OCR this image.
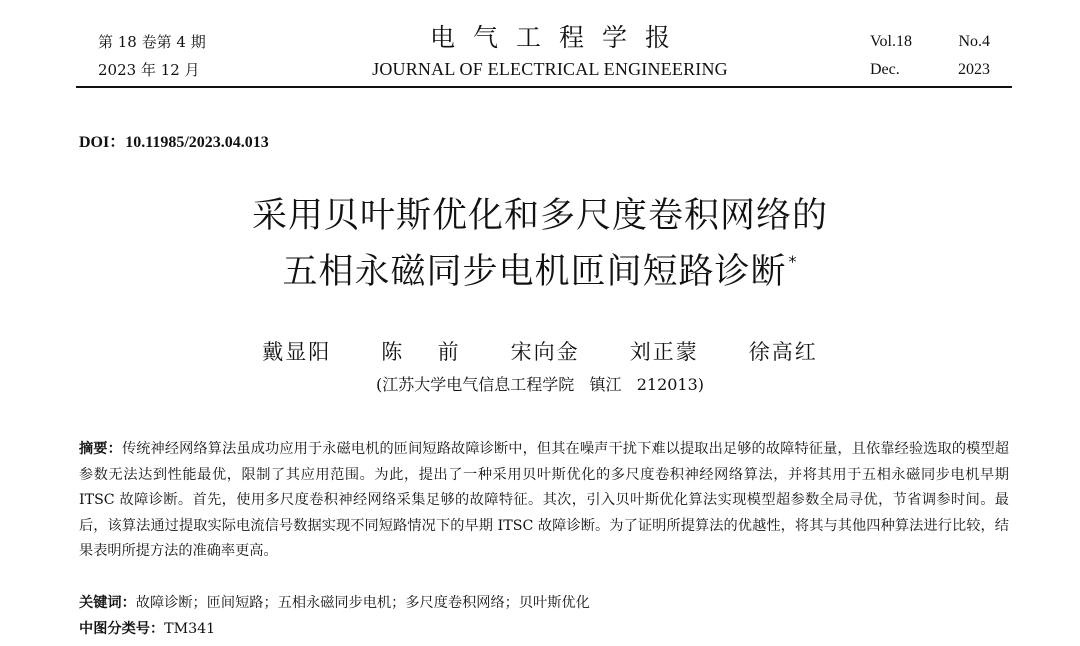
第 18 卷第 4 期
2023 年 12 月
电气工程学报
JOURNAL OF ELECTRICAL ENGINEERING
Vol.18	No.4
Dec.	2023
DOI：10.11985/2023.04.013
采用贝叶斯优化和多尺度卷积网络的
五相永磁同步电机匝间短路诊断 *
戴显阳   陈  前   宋向金   刘正蒙   徐高红
(江苏大学电气信息工程学院   镇江   212013)

摘要：传统神经网络算法虽成功应用于永磁电机的匝间短路故障诊断中，但其在噪声干扰下难以提取出足够的故障特征量，且依靠经验选取的模型超参数无法达到性能最优，限制了其应用范围。为此，提出了一种采用贝叶斯优化的多尺度卷积神经网络算法，并将其用于五相永磁同步电机早期 ITSC 故障诊断。首先，使用多尺度卷积神经网络采集足够的故障特征。其次，引入贝叶斯优化算法实现模型超参数全局寻优，节省调参时间。最后，该算法通过提取实际电流信号数据实现不同短路情况下的早期 ITSC 故障诊断。为了证明所提算法的优越性，将其与其他四种算法进行比较，结果表明所提方法的准确率更高。

关键词：故障诊断；匝间短路；五相永磁同步电机；多尺度卷积网络；贝叶斯优化
中图分类号：TM341
